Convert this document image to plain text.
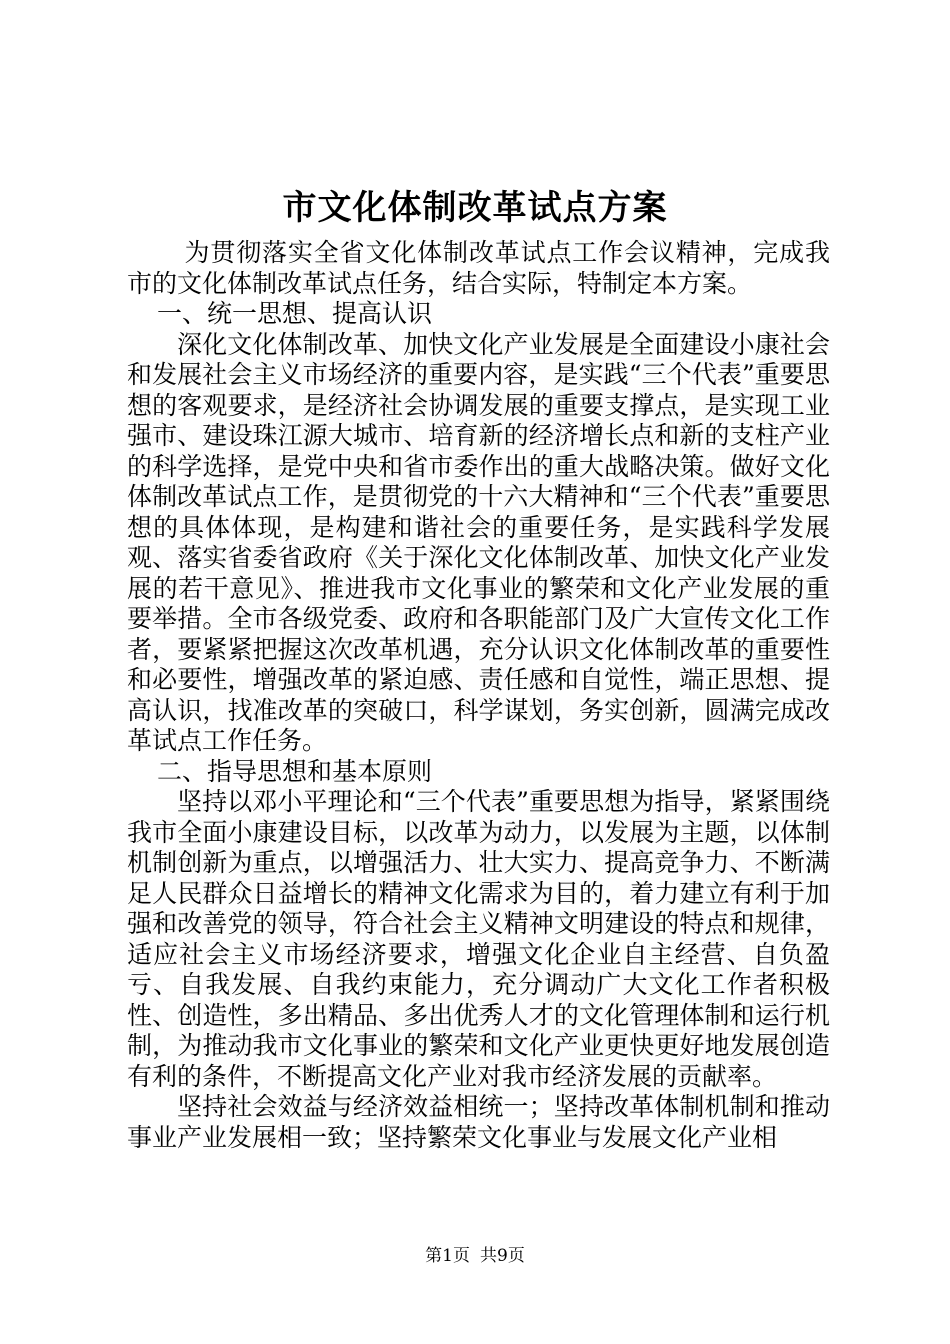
市文化体制改革试点方案

为贯彻落实全省文化体制改革试点工作会议精神，完成我市的文化体制改革试点任务，结合实际，特制定本方案。

一、统一思想、提高认识

深化文化体制改革、加快文化产业发展是全面建设小康社会和发展社会主义市场经济的重要内容，是实践“三个代表”重要思想的客观要求，是经济社会协调发展的重要支撑点，是实现工业强市、建设珠江源大城市、培育新的经济增长点和新的支柱产业的科学选择，是党中央和省市委作出的重大战略决策。做好文化体制改革试点工作，是贯彻党的十六大精神和“三个代表”重要思想的具体体现，是构建和谐社会的重要任务，是实践科学发展观、落实省委省政府《关于深化文化体制改革、加快文化产业发展的若干意见》、推进我市文化事业的繁荣和文化产业发展的重要举措。全市各级党委、政府和各职能部门及广大宣传文化工作者，要紧紧把握这次改革机遇，充分认识文化体制改革的重要性和必要性，增强改革的紧迫感、责任感和自觉性，端正思想、提高认识，找准改革的突破口，科学谋划，务实创新，圆满完成改革试点工作任务。

二、指导思想和基本原则

坚持以邓小平理论和“三个代表”重要思想为指导，紧紧围绕我市全面小康建设目标，以改革为动力，以发展为主题，以体制机制创新为重点，以增强活力、壮大实力、提高竞争力、不断满足人民群众日益增长的精神文化需求为目的，着力建立有利于加强和改善党的领导，符合社会主义精神文明建设的特点和规律，适应社会主义市场经济要求，增强文化企业自主经营、自负盈亏、自我发展、自我约束能力，充分调动广大文化工作者积极性、创造性，多出精品、多出优秀人才的文化管理体制和运行机制，为推动我市文化事业的繁荣和文化产业更快更好地发展创造有利的条件，不断提高文化产业对我市经济发展的贡献率。

坚持社会效益与经济效益相统一；坚持改革体制机制和推动事业产业发展相一致；坚持繁荣文化事业与发展文化产业相

第1页 共9页
